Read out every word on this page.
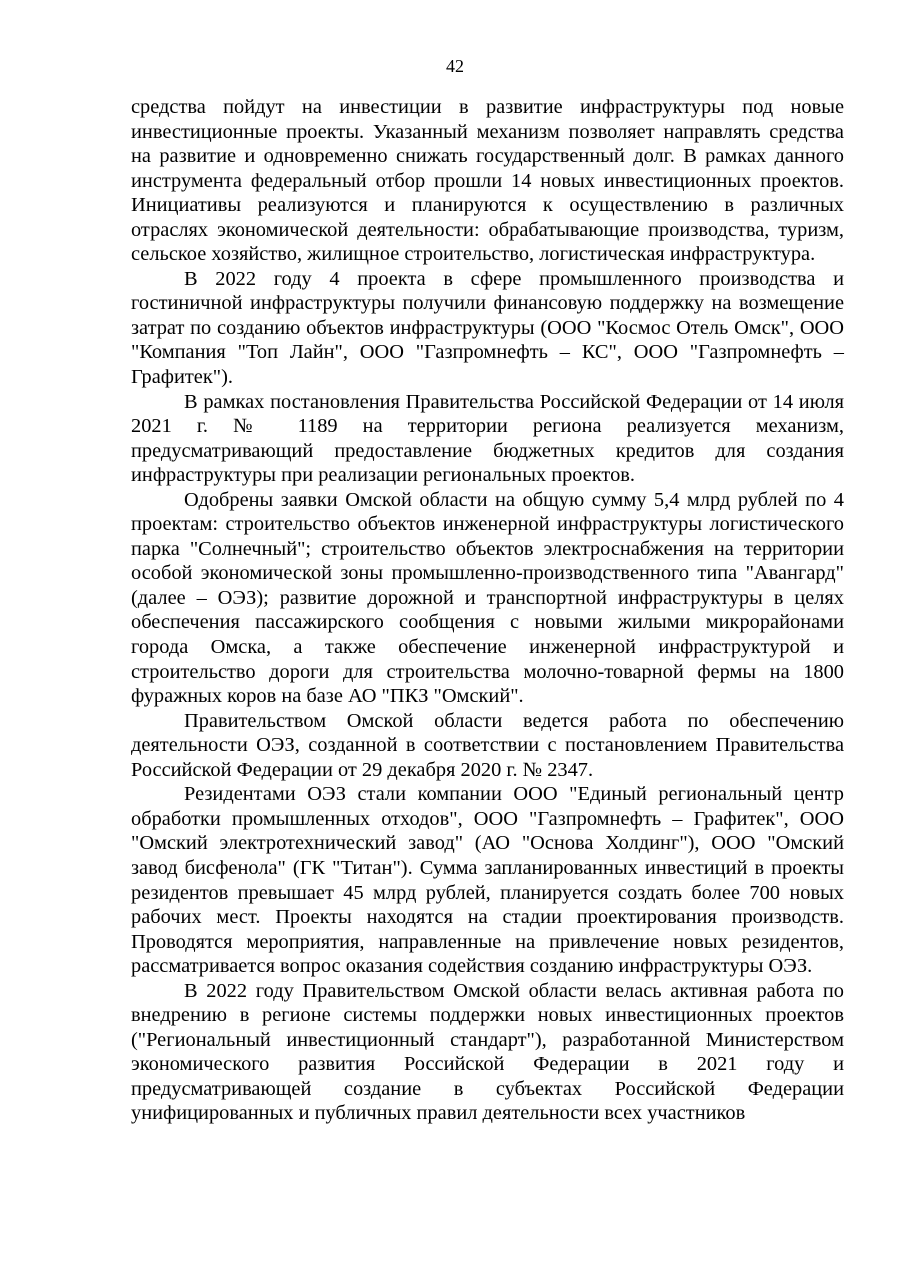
42

средства пойдут на инвестиции в развитие инфраструктуры под новые инвестиционные проекты. Указанный механизм позволяет направлять средства на развитие и одновременно снижать государственный долг. В рамках данного инструмента федеральный отбор прошли 14 новых инвестиционных проектов. Инициативы реализуются и планируются к осуществлению в различных отраслях экономической деятельности: обрабатывающие производства, туризм, сельское хозяйство, жилищное строительство, логистическая инфраструктура.

В 2022 году 4 проекта в сфере промышленного производства и гостиничной инфраструктуры получили финансовую поддержку на возмещение затрат по созданию объектов инфраструктуры (ООО "Космос Отель Омск", ООО "Компания "Топ Лайн", ООО "Газпромнефть – КС", ООО "Газпромнефть – Графитек").

В рамках постановления Правительства Российской Федерации от 14 июля 2021 г. № 1189 на территории региона реализуется механизм, предусматривающий предоставление бюджетных кредитов для создания инфраструктуры при реализации региональных проектов.

Одобрены заявки Омской области на общую сумму 5,4 млрд рублей по 4 проектам: строительство объектов инженерной инфраструктуры логистического парка "Солнечный"; строительство объектов электроснабжения на территории особой экономической зоны промышленно-производственного типа "Авангард" (далее – ОЭЗ); развитие дорожной и транспортной инфраструктуры в целях обеспечения пассажирского сообщения с новыми жилыми микрорайонами города Омска, а также обеспечение инженерной инфраструктурой и строительство дороги для строительства молочно-товарной фермы на 1800 фуражных коров на базе АО "ПКЗ "Омский".

Правительством Омской области ведется работа по обеспечению деятельности ОЭЗ, созданной в соответствии с постановлением Правительства Российской Федерации от 29 декабря 2020 г. № 2347.

Резидентами ОЭЗ стали компании ООО "Единый региональный центр обработки промышленных отходов", ООО "Газпромнефть – Графитек", ООО "Омский электротехнический завод" (АО "Основа Холдинг"), ООО "Омский завод бисфенола" (ГК "Титан"). Сумма запланированных инвестиций в проекты резидентов превышает 45 млрд рублей, планируется создать более 700 новых рабочих мест. Проекты находятся на стадии проектирования производств. Проводятся мероприятия, направленные на привлечение новых резидентов, рассматривается вопрос оказания содействия созданию инфраструктуры ОЭЗ.

В 2022 году Правительством Омской области велась активная работа по внедрению в регионе системы поддержки новых инвестиционных проектов ("Региональный инвестиционный стандарт"), разработанной Министерством экономического развития Российской Федерации в 2021 году и предусматривающей создание в субъектах Российской Федерации унифицированных и публичных правил деятельности всех участников
